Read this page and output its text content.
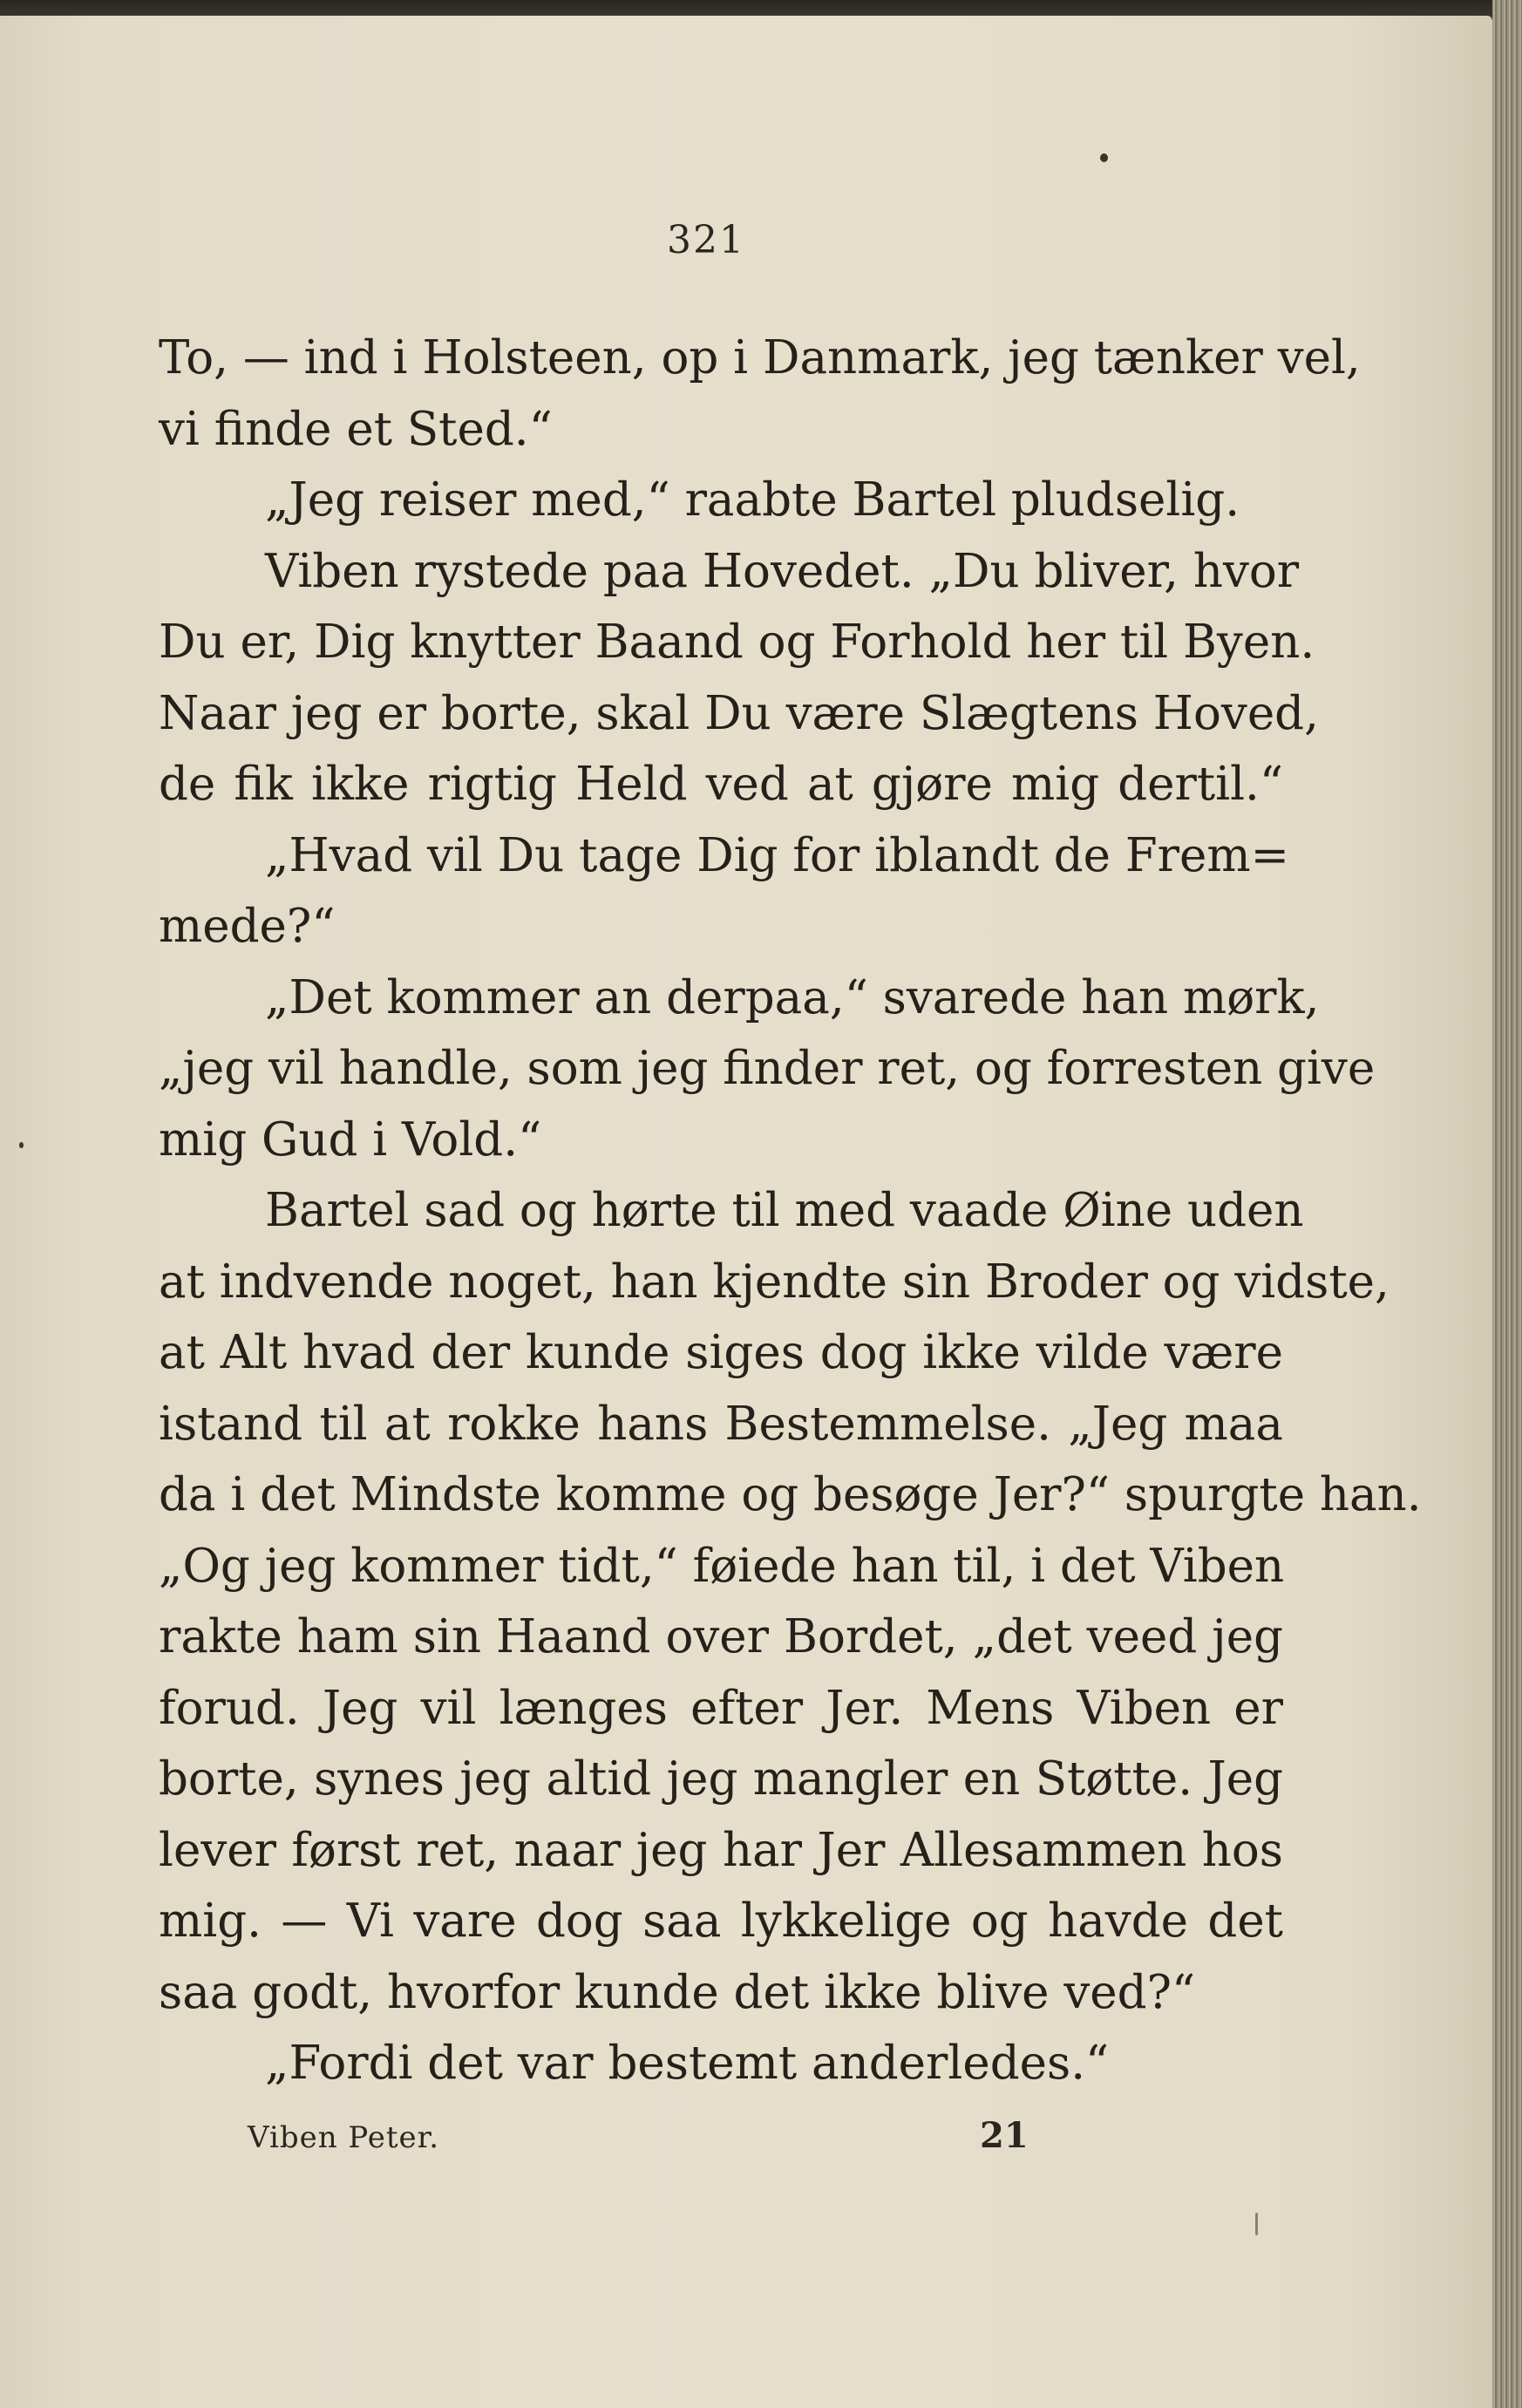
321
To, — ind i Holsteen, op i Danmark, jeg tænker vel,
vi finde et Sted.“
„Jeg reiser med,“ raabte Bartel pludselig.
Viben rystede paa Hovedet. „Du bliver, hvor
Du er, Dig knytter Baand og Forhold her til Byen.
Naar jeg er borte, skal Du være Slægtens Hoved,
de fik ikke rigtig Held ved at gjøre mig dertil.“
„Hvad vil Du tage Dig for iblandt de Frem=
mede?“
„Det kommer an derpaa,“ svarede han mørk,
„jeg vil handle, som jeg finder ret, og forresten give
mig Gud i Vold.“
Bartel sad og hørte til med vaade Øine uden
at indvende noget, han kjendte sin Broder og vidste,
at Alt hvad der kunde siges dog ikke vilde være
istand til at rokke hans Bestemmelse. „Jeg maa
da i det Mindste komme og besøge Jer?“ spurgte han.
„Og jeg kommer tidt,“ føiede han til, i det Viben
rakte ham sin Haand over Bordet, „det veed jeg
forud. Jeg vil længes efter Jer. Mens Viben er
borte, synes jeg altid jeg mangler en Støtte. Jeg
lever først ret, naar jeg har Jer Allesammen hos
mig. — Vi vare dog saa lykkelige og havde det
saa godt, hvorfor kunde det ikke blive ved?“
„Fordi det var bestemt anderledes.“
Viben Peter.	21
